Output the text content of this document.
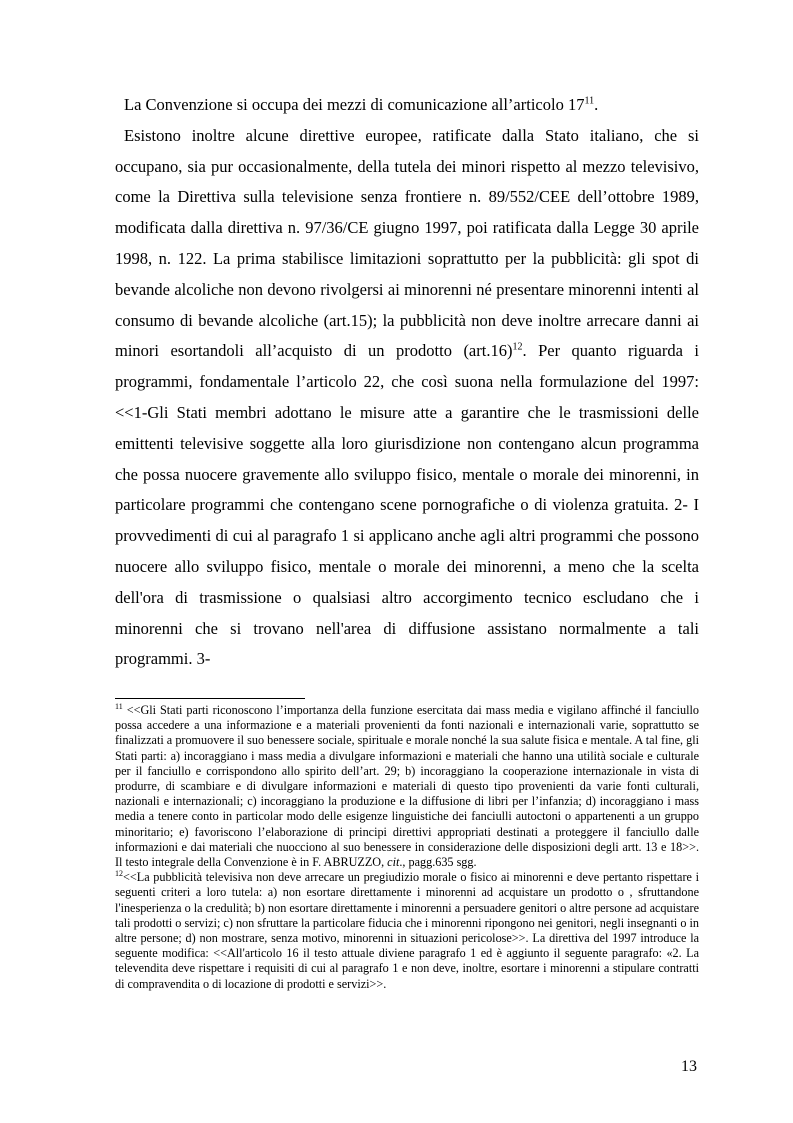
La Convenzione si occupa dei mezzi di comunicazione all’articolo $17^{11}$.

Esistono inoltre alcune direttive europee, ratificate dalla Stato italiano, che si occupano, sia pur occasionalmente, della tutela dei minori rispetto al mezzo televisivo, come la Direttiva sulla televisione senza frontiere n. 89/552/CEE dell’ottobre 1989, modificata dalla direttiva n. 97/36/CE giugno 1997, poi ratificata dalla Legge 30 aprile 1998, n. 122. La prima stabilisce limitazioni soprattutto per la pubblicità: gli spot di bevande alcoliche non devono rivolgersi ai minorenni né presentare minorenni intenti al consumo di bevande alcoliche (art.15); la pubblicità non deve inoltre arrecare danni ai minori esortandoli all’acquisto di un prodotto $(art.16)^{12}$. Per quanto riguarda i programmi, fondamentale l’articolo 22, che così suona nella formulazione del 1997: <<1-Gli Stati membri adottano le misure atte a garantire che le trasmissioni delle emittenti televisive soggette alla loro giurisdizione non contengano alcun programma che possa nuocere gravemente allo sviluppo fisico, mentale o morale dei minorenni, in particolare programmi che contengano scene pornografiche o di violenza gratuita. 2- I provvedimenti di cui al paragrafo 1 si applicano anche agli altri programmi che possono nuocere allo sviluppo fisico, mentale o morale dei minorenni, a meno che la scelta dell'ora di trasmissione o qualsiasi altro accorgimento tecnico escludano che i minorenni che si trovano nell'area di diffusione assistano normalmente a tali programmi. 3-

$^{11}$ <<Gli Stati parti riconoscono l’importanza della funzione esercitata dai mass media e vigilano affinché il fanciullo possa accedere a una informazione e a materiali provenienti da fonti nazionali e internazionali varie, soprattutto se finalizzati a promuovere il suo benessere sociale, spirituale e morale nonché la sua salute fisica e mentale. A tal fine, gli Stati parti: a) incoraggiano i mass media a divulgare informazioni e materiali che hanno una utilità sociale e culturale per il fanciullo e corrispondono allo spirito dell’art. 29; b) incoraggiano la cooperazione internazionale in vista di produrre, di scambiare e di divulgare informazioni e materiali di questo tipo provenienti da varie fonti culturali, nazionali e internazionali; c) incoraggiano la produzione e la diffusione di libri per l’infanzia; d) incoraggiano i mass media a tenere conto in particolar modo delle esigenze linguistiche dei fanciulli autoctoni o appartenenti a un gruppo minoritario; e) favoriscono l’elaborazione di principi direttivi appropriati destinati a proteggere il fanciullo dalle informazioni e dai materiali che nuocciono al suo benessere in considerazione delle disposizioni degli artt. 13 e 18>>. Il testo integrale della Convenzione è in F. ABRUZZO, cit., pagg.635 sgg.

$^{12}$<<La pubblicità televisiva non deve arrecare un pregiudizio morale o fisico ai minorenni e deve pertanto rispettare i seguenti criteri a loro tutela: a) non esortare direttamente i minorenni ad acquistare un prodotto o , sfruttandone l'inesperienza o la credulità; b) non esortare direttamente i minorenni a persuadere genitori o altre persone ad acquistare tali prodotti o servizi; c) non sfruttare la particolare fiducia che i minorenni ripongono nei genitori, negli insegnanti o in altre persone; d) non mostrare, senza motivo, minorenni in situazioni pericolose>>. La direttiva del 1997 introduce la seguente modifica: <<All'articolo 16 il testo attuale diviene paragrafo 1 ed è aggiunto il seguente paragrafo: «2. La televendita deve rispettare i requisiti di cui al paragrafo 1 e non deve, inoltre, esortare i minorenni a stipulare contratti di compravendita o di locazione di prodotti e servizi>>.

13
